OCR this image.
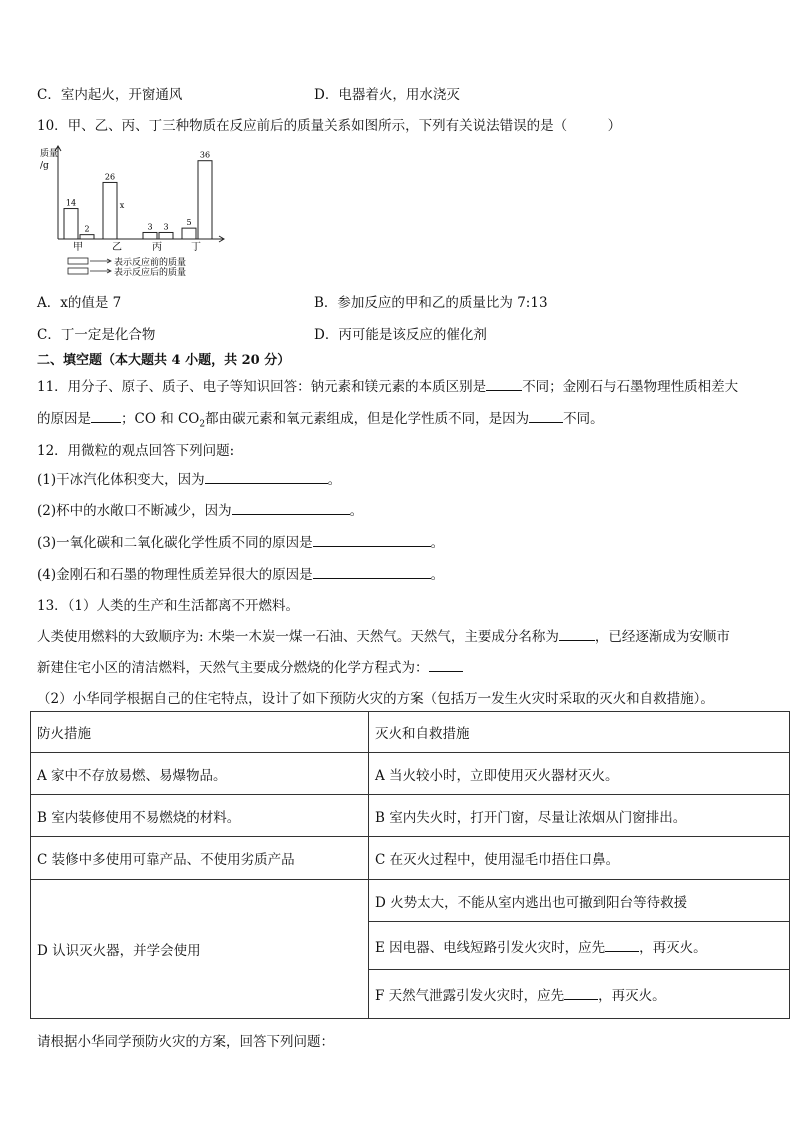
C．室内起火，开窗通风	D．电器着火，用水浇灭
10．甲、乙、丙、丁三种物质在反应前后的质量关系如图所示，下列有关说法错误的是（　　　）
质量
/g
14
2
甲
26
x
乙
3 3
丙
5
36
丁
表示反应前的质量
表示反应后的质量
A．x的值是 7	B．参加反应的甲和乙的质量比为 7:13
C．丁一定是化合物	D．丙可能是该反应的催化剂
二、填空题（本大题共 4 小题，共 20 分）
11．用分子、原子、质子、电子等知识回答：钠元素和镁元素的本质区别是	不同；金刚石与石墨物理性质相差大
的原因是 ；CO 和 $CO_2$都由碳元素和氧元素组成，但是化学性质不同，是因为	不同。
12．用微粒的观点回答下列问题:
(1)干冰汽化体积变大，因为	。
(2)杯中的水敞口不断减少，因为	。
(3)一氧化碳和二氧化碳化学性质不同的原因是	。
(4)金刚石和石墨的物理性质差异很大的原因是	。
13．（1）人类的生产和生活都离不开燃料。
人类使用燃料的大致顺序为: 木柴一木炭一煤一石油、天然气。天然气，主要成分名称为	，已经逐渐成为安顺市
新建住宅小区的清洁燃料，天然气主要成分燃烧的化学方程式为：
（2）小华同学根据自己的住宅特点，设计了如下预防火灾的方案（包括万一发生火灾时采取的灭火和自救措施）。
防火措施	灭火和自救措施
A 家中不存放易燃、易爆物品。	A 当火较小时，立即使用灭火器材灭火。
B 室内装修使用不易燃烧的材料。	B 室内失火时，打开门窗，尽量让浓烟从门窗排出。
C 装修中多使用可靠产品、不使用劣质产品	C 在灭火过程中，使用湿毛巾捂住口鼻。
D 认识灭火器，并学会使用	D 火势太大，不能从室内逃出也可撤到阳台等待救援
	E 因电器、电线短路引发火灾时，应先 ，再灭火。
	F 天然气泄露引发火灾时，应先 ，再灭火。
请根据小华同学预防火灾的方案，回答下列问题：
